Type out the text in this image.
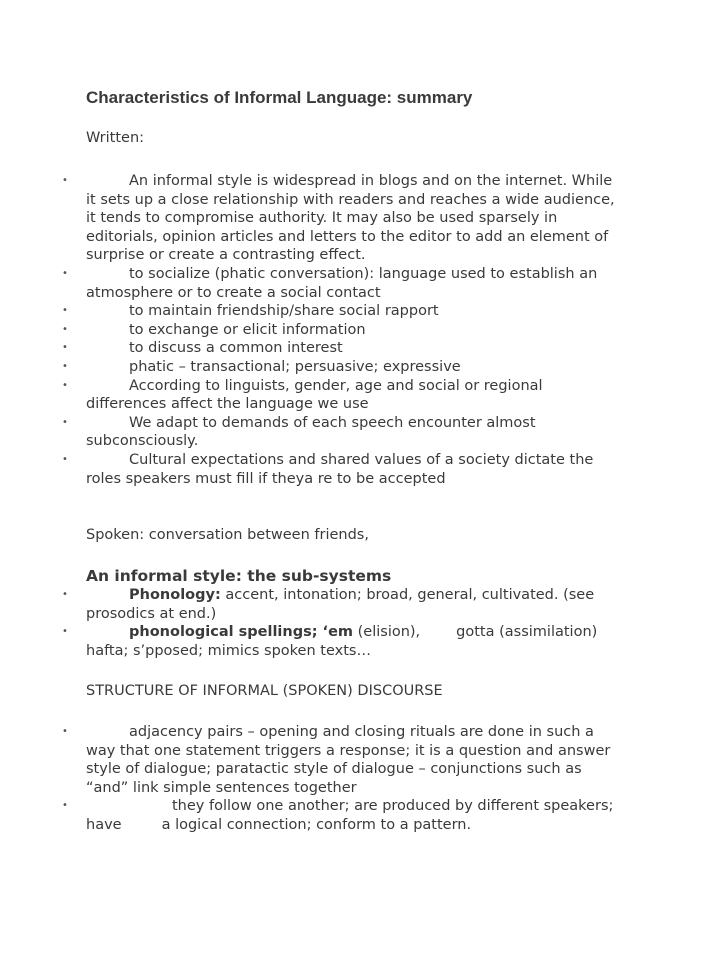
Characteristics of Informal Language: summary
Written:
•	An informal style is widespread in blogs and on the internet. While it sets up a close relationship with readers and reaches a wide audience, it tends to compromise authority. It may also be used sparsely in editorials, opinion articles and letters to the editor to add an element of surprise or create a contrasting effect.
•	to socialize (phatic conversation): language used to establish an atmosphere or to create a social contact
•	to maintain friendship/share social rapport
•	to exchange or elicit information
•	to discuss a common interest
•	phatic – transactional; persuasive; expressive
•	According to linguists, gender, age and social or regional differences affect the language we use
•	We adapt to demands of each speech encounter almost subconsciously.
•	Cultural expectations and shared values of a society dictate the roles speakers must fill if theya re to be accepted
Spoken: conversation between friends,
An informal style: the sub-systems
•	Phonology: accent, intonation; broad, general, cultivated. (see prosodics at end.)
•	phonological spellings; ‘em (elision), gotta (assimilation) hafta; s’pposed; mimics spoken texts…
STRUCTURE OF INFORMAL (SPOKEN) DISCOURSE
•	adjacency pairs – opening and closing rituals are done in such a way that one statement triggers a response; it is a question and answer style of dialogue; paratactic style of dialogue – conjunctions such as “and” link simple sentences together
•	they follow one another; are produced by different speakers; have	a logical connection; conform to a pattern.
